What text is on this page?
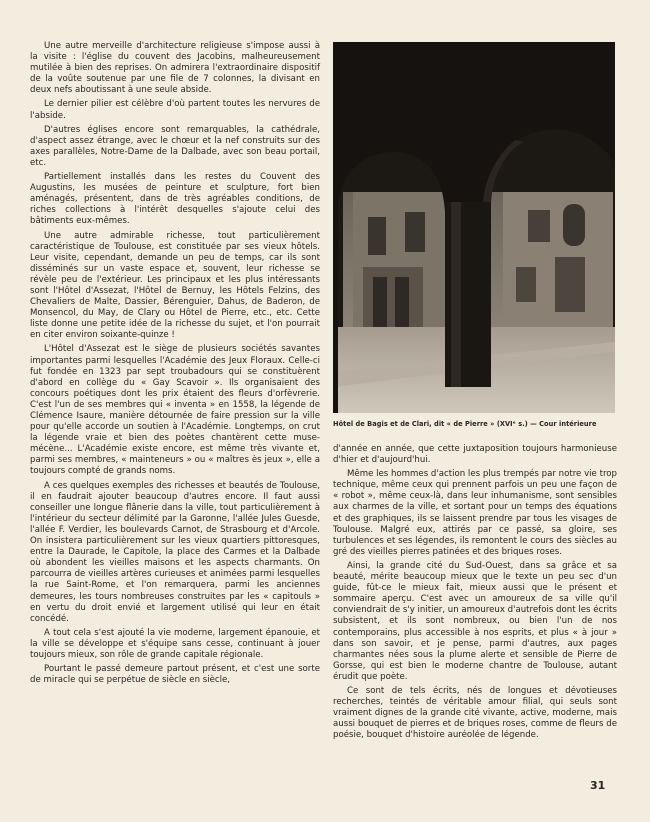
Une autre merveille d'architecture religieuse s'impose aussi à la visite : l'église du couvent des Jacobins, malheureusement mutilée à bien des reprises. On admirera l'extraordinaire dispositif de la voûte soutenue par une file de 7 colonnes, la divisant en deux nefs aboutissant à une seule abside.

Le dernier pilier est célèbre d'où partent toutes les nervures de l'abside.

D'autres églises encore sont remarquables, la cathédrale, d'aspect assez étrange, avec le chœur et la nef construits sur des axes parallèles, Notre-Dame de la Dalbade, avec son beau portail, etc.

Partiellement installés dans les restes du Couvent des Augustins, les musées de peinture et sculpture, fort bien aménagés, présentent, dans de très agréables conditions, de riches collections à l'intérêt desquelles s'ajoute celui des bâtiments eux-mêmes.

Une autre admirable richesse, tout particulièrement caractéristique de Toulouse, est constituée par ses vieux hôtels. Leur visite, cependant, demande un peu de temps, car ils sont disséminés sur un vaste espace et, souvent, leur richesse se révèle peu de l'extérieur. Les principaux et les plus intéressants sont l'Hôtel d'Assezat, l'Hôtel de Bernuy, les Hôtels Felzins, des Chevaliers de Malte, Dassier, Bérenguier, Dahus, de Baderon, de Monsencol, du May, de Clary ou Hôtel de Pierre, etc., etc. Cette liste donne une petite idée de la richesse du sujet, et l'on pourrait en citer environ soixante-quinze !

L'Hôtel d'Assezat est le siège de plusieurs sociétés savantes importantes parmi lesquelles l'Académie des Jeux Floraux. Celle-ci fut fondée en 1323 par sept troubadours qui se constituèrent d'abord en collège du « Gay Scavoir ». Ils organisaient des concours poétiques dont les prix étaient des fleurs d'orfèvrerie. C'est l'un de ses membres qui « inventa » en 1558, la légende de Clémence Isaure, manière détournée de faire pression sur la ville pour qu'elle accorde un soutien à l'Académie. Longtemps, on crut la légende vraie et bien des poètes chantèrent cette muse-mécène... L'Académie existe encore, est même très vivante et, parmi ses membres, « mainteneurs » ou « maîtres ès jeux », elle a toujours compté de grands noms.

A ces quelques exemples des richesses et beautés de Toulouse, il en faudrait ajouter beaucoup d'autres encore. Il faut aussi conseiller une longue flânerie dans la ville, tout particulièrement à l'intérieur du secteur délimité par la Garonne, l'allée Jules Guesde, l'allée F. Verdier, les boulevards Carnot, de Strasbourg et d'Arcole. On insistera particulièrement sur les vieux quartiers pittoresques, entre la Daurade, le Capitole, la place des Carmes et la Dalbade où abondent les vieilles maisons et les aspects charmants. On parcourra de vieilles artères curieuses et animées parmi lesquelles la rue Saint-Rome, et l'on remarquera, parmi les anciennes demeures, les tours nombreuses construites par les « capitouls » en vertu du droit envié et largement utilisé qui leur en était concédé.

A tout cela s'est ajouté la vie moderne, largement épanouie, et la ville se développe et s'équipe sans cesse, continuant à jouer toujours mieux, son rôle de grande capitale régionale.

Pourtant le passé demeure partout présent, et c'est une sorte de miracle qui se perpétue de siècle en siècle,

Hôtel de Bagis et de Clari, dit « de Pierre » (XVIᵉ s.) — Cour intérieure

d'année en année, que cette juxtaposition toujours harmonieuse d'hier et d'aujourd'hui.

Même les hommes d'action les plus trempés par notre vie trop technique, même ceux qui prennent parfois un peu une façon de « robot », même ceux-là, dans leur inhumanisme, sont sensibles aux charmes de la ville, et sortant pour un temps des équations et des graphiques, ils se laissent prendre par tous les visages de Toulouse. Malgré eux, attirés par ce passé, sa gloire, ses turbulences et ses légendes, ils remontent le cours des siècles au gré des vieilles pierres patinées et des briques roses.

Ainsi, la grande cité du Sud-Ouest, dans sa grâce et sa beauté, mérite beaucoup mieux que le texte un peu sec d'un guide, fût-ce le mieux fait, mieux aussi que le présent et sommaire aperçu. C'est avec un amoureux de sa ville qu'il conviendrait de s'y initier, un amoureux d'autrefois dont les écrits subsistent, et ils sont nombreux, ou bien l'un de nos contemporains, plus accessible à nos esprits, et plus « à jour » dans son savoir, et je pense, parmi d'autres, aux pages charmantes nées sous la plume alerte et sensible de Pierre de Gorsse, qui est bien le moderne chantre de Toulouse, autant érudit que poète.

Ce sont de tels écrits, nés de longues et dévotieuses recherches, teintés de véritable amour filial, qui seuls sont vraiment dignes de la grande cité vivante, active, moderne, mais aussi bouquet de pierres et de briques roses, comme de fleurs de poésie, bouquet d'histoire auréolée de légende.

31
